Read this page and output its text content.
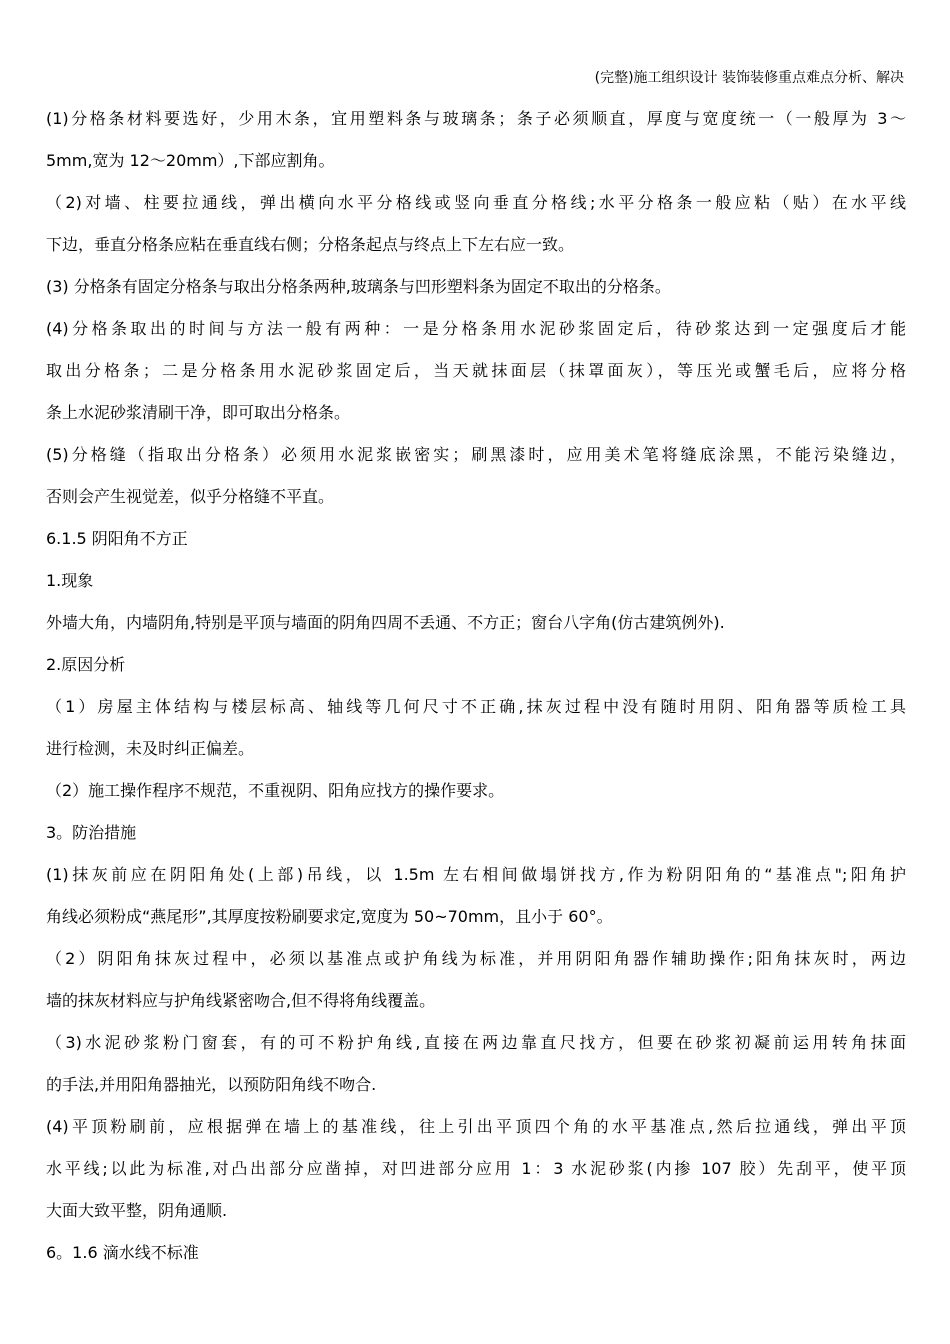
(完整)施工组织设计 装饰装修重点难点分析、解决
(1)分格条材料要选好，少用木条，宜用塑料条与玻璃条；条子必须顺直，厚度与宽度统一（一般厚为 3～
5mm,宽为 12～20mm）,下部应割角。
（2)对墙、柱要拉通线，弹出横向水平分格线或竖向垂直分格线;水平分格条一般应粘（贴）在水平线
下边，垂直分格条应粘在垂直线右侧；分格条起点与终点上下左右应一致。
(3) 分格条有固定分格条与取出分格条两种,玻璃条与凹形塑料条为固定不取出的分格条。
(4)分格条取出的时间与方法一般有两种：一是分格条用水泥砂浆固定后，待砂浆达到一定强度后才能
取出分格条；二是分格条用水泥砂浆固定后，当天就抹面层（抹罩面灰），等压光或蟹毛后，应将分格
条上水泥砂浆清刷干净，即可取出分格条。
(5)分格缝（指取出分格条）必须用水泥浆嵌密实；刷黑漆时，应用美术笔将缝底涂黑，不能污染缝边，
否则会产生视觉差，似乎分格缝不平直。
6.1.5 阴阳角不方正
1.现象
外墙大角，内墙阴角,特别是平顶与墙面的阴角四周不丢通、不方正；窗台八字角(仿古建筑例外).
2.原因分析
（1）房屋主体结构与楼层标高、轴线等几何尺寸不正确,抹灰过程中没有随时用阴、阳角器等质检工具
进行检测，未及时纠正偏差。
（2）施工操作程序不规范，不重视阴、阳角应找方的操作要求。
3。防治措施
(1)抹灰前应在阴阳角处(上部)吊线，以 1.5m 左右相间做塌饼找方,作为粉阴阳角的“基准点";阳角护
角线必须粉成“燕尾形”,其厚度按粉刷要求定,宽度为 50~70mm，且小于 60°。
（2）阴阳角抹灰过程中，必须以基准点或护角线为标准，并用阴阳角器作辅助操作;阳角抹灰时，两边
墙的抹灰材料应与护角线紧密吻合,但不得将角线覆盖。
（3)水泥砂浆粉门窗套，有的可不粉护角线,直接在两边靠直尺找方，但要在砂浆初凝前运用转角抹面
的手法,并用阳角器抽光，以预防阳角线不吻合.
(4)平顶粉刷前，应根据弹在墙上的基准线，往上引出平顶四个角的水平基准点,然后拉通线，弹出平顶
水平线;以此为标准,对凸出部分应凿掉，对凹进部分应用 1：3 水泥砂浆(内掺 107 胶）先刮平，使平顶
大面大致平整，阴角通顺.
6。1.6 滴水线不标准
